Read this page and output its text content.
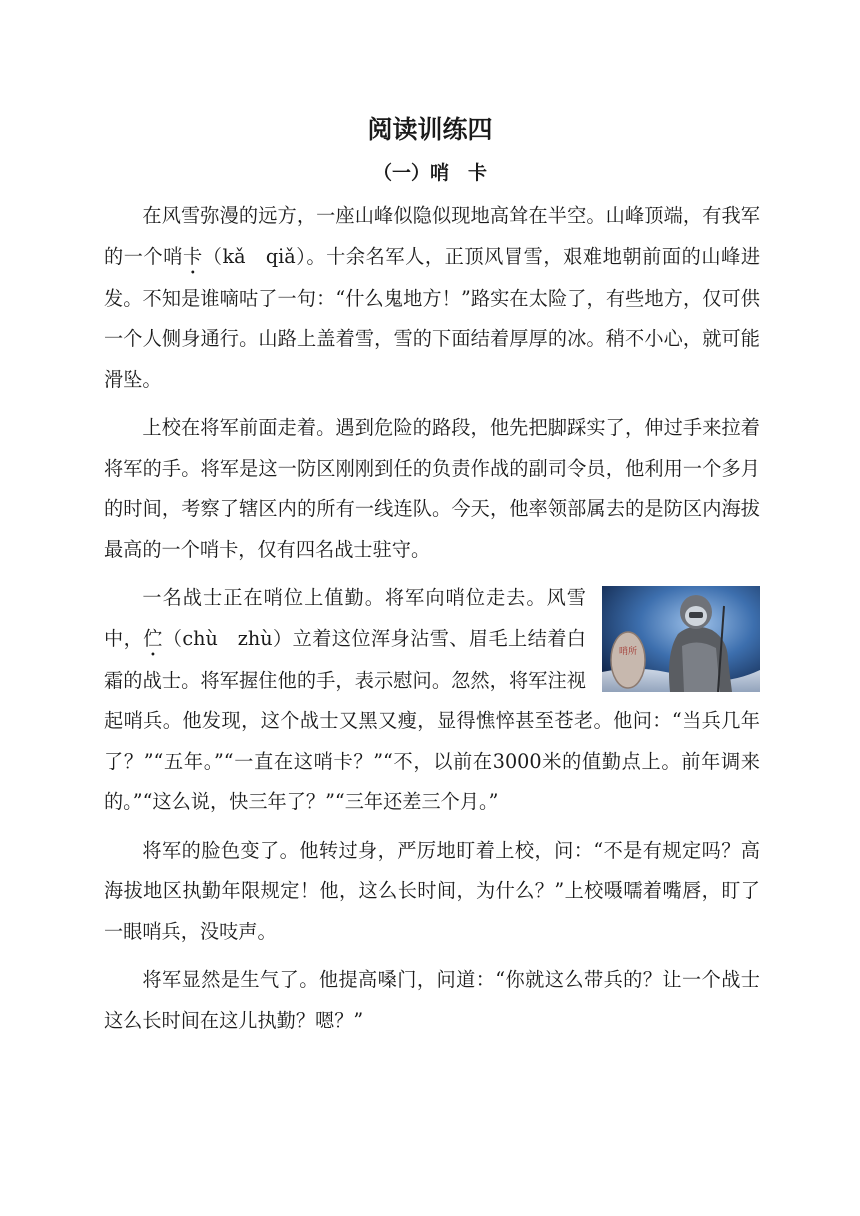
阅读训练四
（一）哨　卡

在风雪弥漫的远方，一座山峰似隐似现地高耸在半空。山峰顶端，有我军的一个哨卡（kǎ　qiǎ）。十余名军人，正顶风冒雪，艰难地朝前面的山峰进发。不知是谁嘀咕了一句：“什么鬼地方！”路实在太险了，有些地方，仅可供一个人侧身通行。山路上盖着雪，雪的下面结着厚厚的冰。稍不小心，就可能滑坠。

上校在将军前面走着。遇到危险的路段，他先把脚踩实了，伸过手来拉着将军的手。将军是这一防区刚刚到任的负责作战的副司令员，他利用一个多月的时间，考察了辖区内的所有一线连队。今天，他率领部属去的是防区内海拔最高的一个哨卡，仅有四名战士驻守。

哨所
一名战士正在哨位上值勤。将军向哨位走去。风雪中，伫（chù　zhù）立着这位浑身沾雪、眉毛上结着白霜的战士。将军握住他的手，表示慰问。忽然，将军注视起哨兵。他发现，这个战士又黑又瘦，显得憔悴甚至苍老。他问：“当兵几年了？”“五年。”“一直在这哨卡？”“不，以前在3000米的值勤点上。前年调来的。”“这么说，快三年了？”“三年还差三个月。”

将军的脸色变了。他转过身，严厉地盯着上校，问：“不是有规定吗？高海拔地区执勤年限规定！他，这么长时间，为什么？”上校嗫嚅着嘴唇，盯了一眼哨兵，没吱声。

将军显然是生气了。他提高嗓门，问道：“你就这么带兵的？让一个战士这么长时间在这儿执勤？嗯？”
